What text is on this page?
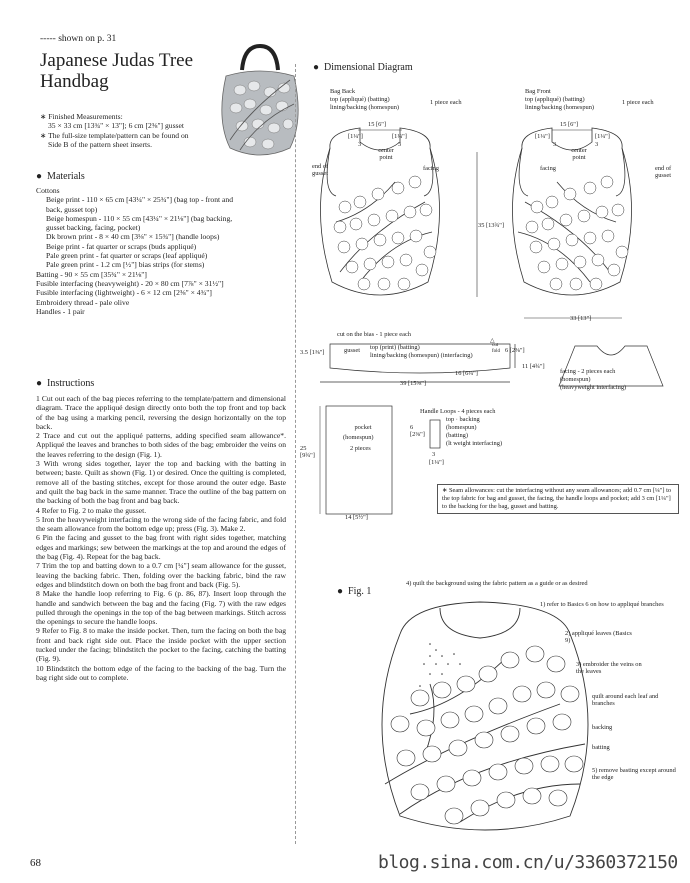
----- shown on p. 31
Japanese Judas Tree
Handbag
∗ Finished Measurements:
35 × 33 cm [13¾" × 13"]; 6 cm [2⅜"] gusset
∗ The full-size template/pattern can be found on
Side B of the pattern sheet inserts.
● Materials
Cottons
Beige print - 110 × 65 cm [43¼" × 25¾"] (bag top - front and
back, gusset top)
Beige homespun - 110 × 55 cm [43¼" × 21⅛"] (bag backing,
gusset backing, facing, pocket)
Dk brown print - 8 × 40 cm [3⅛" × 15¾"] (handle loops)
Beige print - fat quarter or scraps (buds appliqué)
Pale green print - fat quarter or scraps (leaf appliqué)
Pale green print - 1.2 cm [½"] bias strips (for stems)
Batting - 90 × 55 cm [35¾" × 21⅛"]
Fusible interfacing (heavyweight) - 20 × 80 cm [7⅞" × 31½"]
Fusible interfacing (lightweight) - 6 × 12 cm [2⅜" × 4¾"]
Embroidery thread - pale olive
Handles - 1 pair
● Instructions

1 Cut out each of the bag pieces referring to the template/pattern and dimensional diagram. Trace the appliqué design directly onto both the top front and top back of the bag using a marking pencil, reversing the design horizontally on the top back.

2 Trace and cut out the appliqué patterns, adding specified seam allowance*. Appliqué the leaves and branches to both sides of the bag; embroider the veins on the leaves referring to the design (Fig. 1).

3 With wrong sides together, layer the top and backing with the batting in between; baste. Quilt as shown (Fig. 1) or desired. Once the quilting is completed, remove all of the basting stitches, except for those around the outer edge. Baste and quilt the bag back in the same manner. Trace the outline of the bag pattern on the backing of both the bag front and bag back.

4 Refer to Fig. 2 to make the gusset.

5 Iron the heavyweight interfacing to the wrong side of the facing fabric, and fold the seam allowance from the bottom edge up; press (Fig. 3). Make 2.

6 Pin the facing and gusset to the bag front with right sides together, matching edges and markings; sew between the markings at the top and around the edges of the bag (Fig. 4). Repeat for the bag back.

7 Trim the top and batting down to a 0.7 cm [¼"] seam allowance for the gusset, leaving the backing fabric. Then, folding over the backing fabric, bind the raw edges and blindstitch down on both the bag front and back (Fig. 5).

8 Make the handle loop referring to Fig. 6 (p. 86, 87). Insert loop through the handle and sandwich between the bag and the facing (Fig. 7) with the raw edges pulled through the openings in the top of the bag between markings. Stitch across the openings to secure the handle loops.

9 Refer to Fig. 8 to make the inside pocket. Then, turn the facing on both the bag front and back right side out. Place the inside pocket with the upper section tucked under the facing; blindstitch the pocket to the facing, catching the batting (Fig. 9).

10 Blindstitch the bottom edge of the facing to the backing of the bag. Turn the bag right side out to complete.

● Dimensional Diagram
Bag Back
top (appliqué) (batting)
lining/backing (homespun)
1 piece each
Bag Front
top (appliqué) (batting)
lining/backing (homespun)
1 piece each
15 [6"]	15 [6"]
[1¼"]	[1¼"]	[1¼"]	[1¼"]
3	3	3	3
center point
center point
end of gusset
end of gusset
facing	facing
35 [13¾"]
33 [13"]
cut on the bias - 1 piece each
△
3.5 [1⅜"]	gusset top (print) (batting)
lining/backing (homespun) (interfacing)
cut fold 6 [2⅜"]
16 [6¼"]
39 [15⅜"]
11 [4¾"]
facing - 2 pieces each
(homespun)
(heavyweight interfacing)
pocket
(homespun)
2 pieces
25 [9¾"]
14 [5½"]
Handle Loops - 4 pieces each
top · backing
(homespun)
(batting)
(lt weight interfacing)
6 [2⅜"]
3
[1¼"]
∗ Seam allowances: cut the interfacing without any seam allowances; add 0.7 cm [¼"] to the top fabric for bag and gusset, the facing, the handle loops and pocket; add 3 cm [1¼"] to the backing for the bag, gusset and batting.
● Fig. 1
4) quilt the background using the fabric pattern as a guide or as desired
1) refer to Basics 6 on how to appliqué branches
2) appliqué leaves (Basics 9)
3) embroider the veins on the leaves
quilt around each leaf and branches
backing
batting
5) remove basting except around the edge
68	blog.sina.com.cn/u/3360372150
